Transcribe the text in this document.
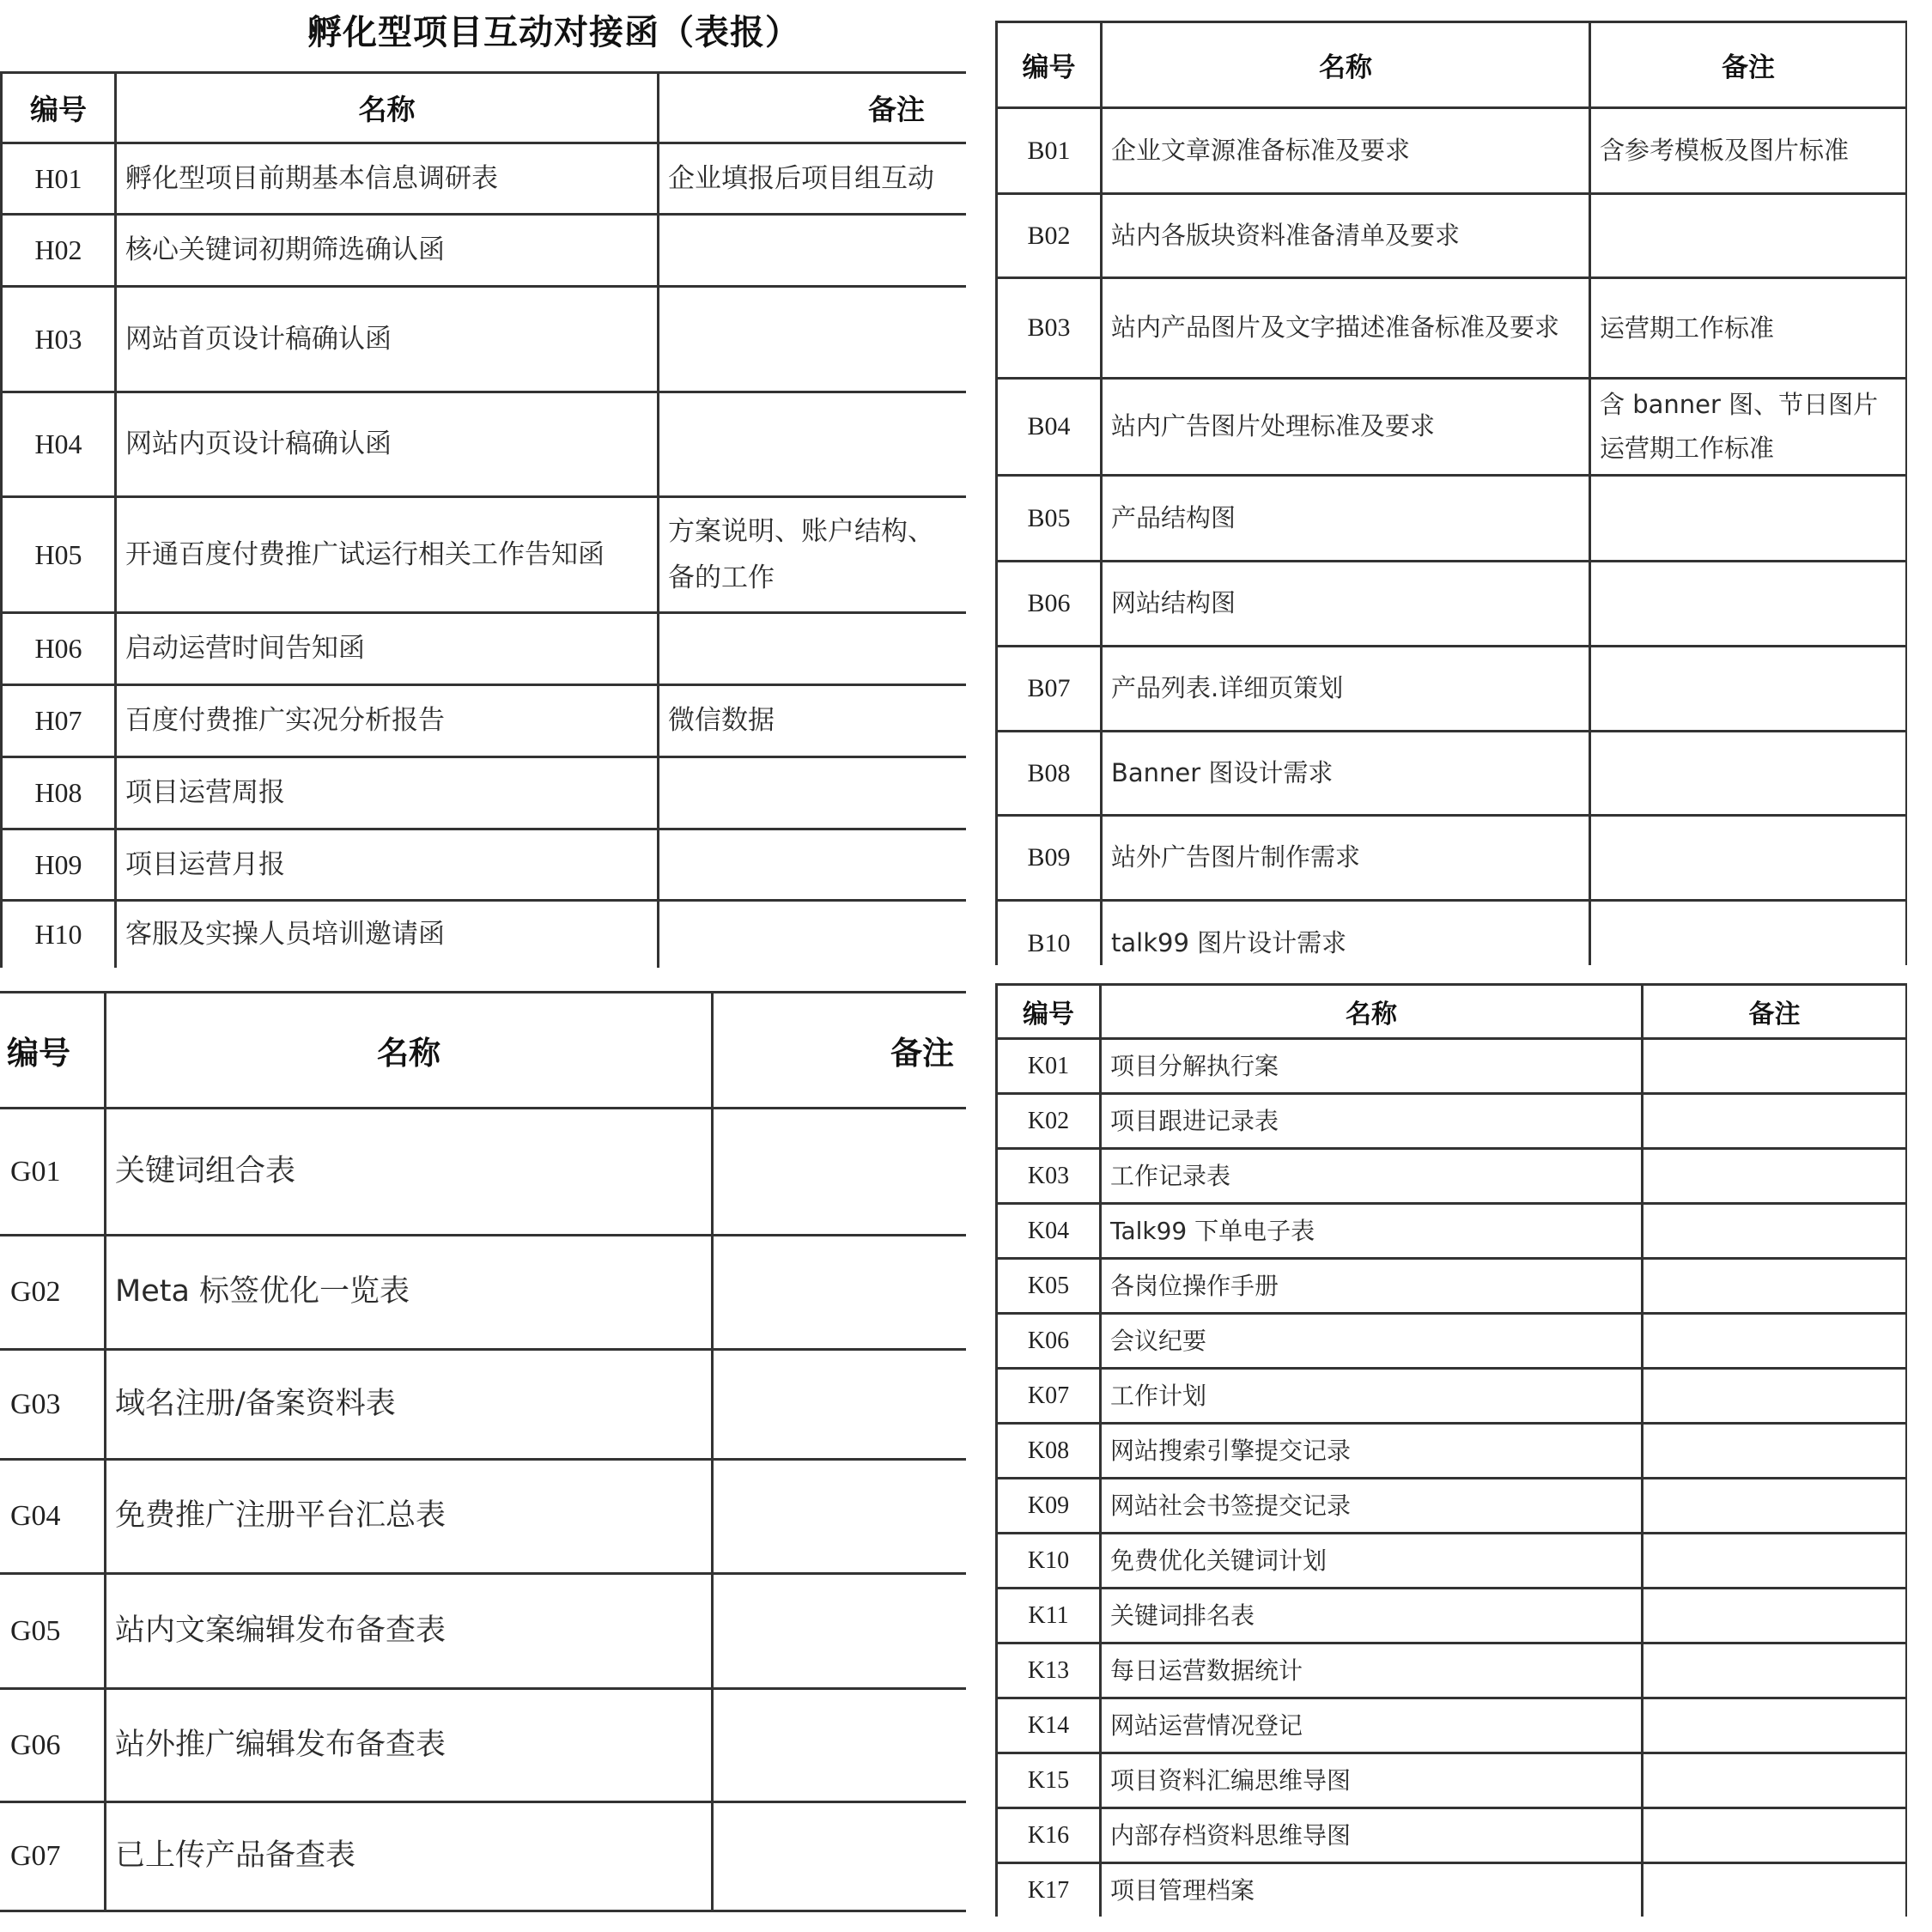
孵化型项目互动对接函（表报）
编号	名称	备注
H01	孵化型项目前期基本信息调研表	企业填报后项目组互动

H02	核心关键词初期筛选确认函	
H03	网站首页设计稿确认函	
H04	网站内页设计稿确认函	
H05	开通百度付费推广试运行相关工作告知函	方案说明、账户结构、
备的工作

H06	启动运营时间告知函	
H07	百度付费推广实况分析报告	微信数据

H08	项目运营周报	
H09	项目运营月报	
H10	客服及实操人员培训邀请函	
编号	名称	备注
B01	企业文章源准备标准及要求	含参考模板及图片标准

B02	站内各版块资料准备清单及要求	
B03	站内产品图片及文字描述准备标准及要求	运营期工作标准

B04	站内广告图片处理标准及要求	含 banner 图、节日图片
运营期工作标准

B05	产品结构图	
B06	网站结构图	
B07	产品列表.详细页策划	
B08	Banner 图设计需求	
B09	站外广告图片制作需求	
B10	talk99 图片设计需求	
编号	名称	备注
G01	关键词组合表	
G02	Meta 标签优化一览表	
G03	域名注册/备案资料表	
G04	免费推广注册平台汇总表	
G05	站内文案编辑发布备查表	
G06	站外推广编辑发布备查表	
G07	已上传产品备查表	
编号	名称	备注
K01	项目分解执行案	
K02	项目跟进记录表	
K03	工作记录表	
K04	Talk99 下单电子表	
K05	各岗位操作手册	
K06	会议纪要	
K07	工作计划	
K08	网站搜索引擎提交记录	
K09	网站社会书签提交记录	
K10	免费优化关键词计划	
K11	关键词排名表	
K13	每日运营数据统计	
K14	网站运营情况登记	
K15	项目资料汇编思维导图	
K16	内部存档资料思维导图	
K17	项目管理档案	
